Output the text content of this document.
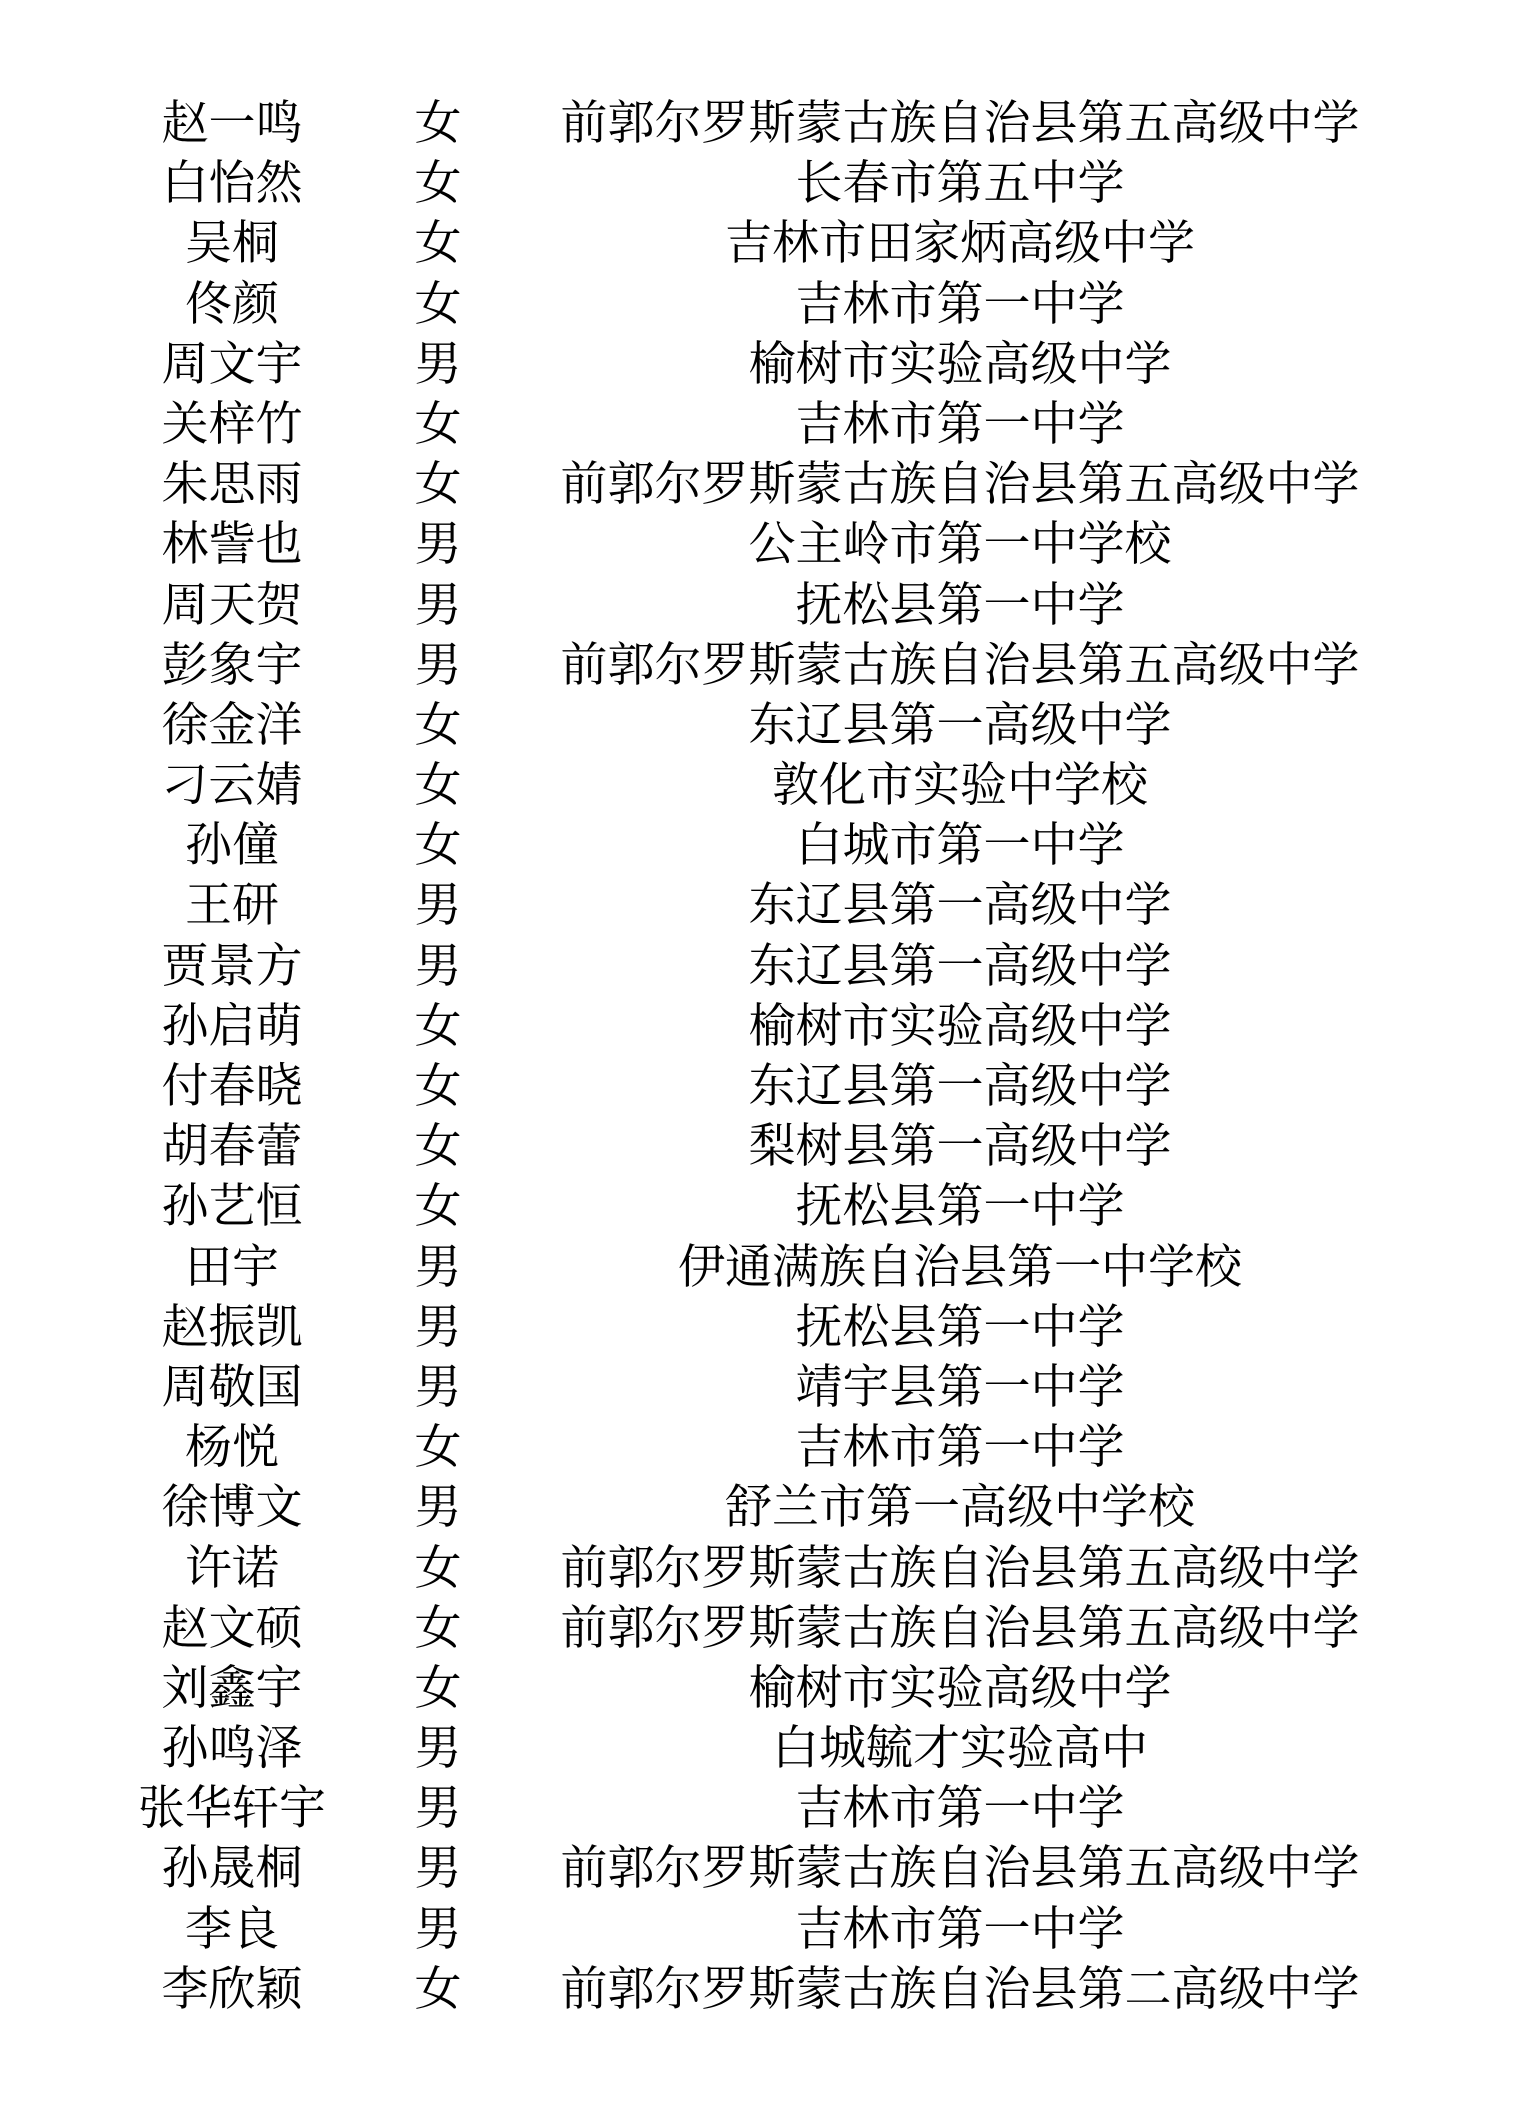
赵一鸣	女	前郭尔罗斯蒙古族自治县第五高级中学
白怡然	女	长春市第五中学
吴桐	女	吉林市田家炳高级中学
佟颜	女	吉林市第一中学
周文宇	男	榆树市实验高级中学
关梓竹	女	吉林市第一中学
朱思雨	女	前郭尔罗斯蒙古族自治县第五高级中学
林訾也	男	公主岭市第一中学校
周天贺	男	抚松县第一中学
彭象宇	男	前郭尔罗斯蒙古族自治县第五高级中学
徐金洋	女	东辽县第一高级中学
刁云婧	女	敦化市实验中学校
孙僮	女	白城市第一中学
王研	男	东辽县第一高级中学
贾景方	男	东辽县第一高级中学
孙启萌	女	榆树市实验高级中学
付春晓	女	东辽县第一高级中学
胡春蕾	女	梨树县第一高级中学
孙艺恒	女	抚松县第一中学
田宇	男	伊通满族自治县第一中学校
赵振凯	男	抚松县第一中学
周敬国	男	靖宇县第一中学
杨悦	女	吉林市第一中学
徐博文	男	舒兰市第一高级中学校
许诺	女	前郭尔罗斯蒙古族自治县第五高级中学
赵文硕	女	前郭尔罗斯蒙古族自治县第五高级中学
刘鑫宇	女	榆树市实验高级中学
孙鸣泽	男	白城毓才实验高中
张华轩宇	男	吉林市第一中学
孙晟桐	男	前郭尔罗斯蒙古族自治县第五高级中学
李良	男	吉林市第一中学
李欣颖	女	前郭尔罗斯蒙古族自治县第二高级中学
